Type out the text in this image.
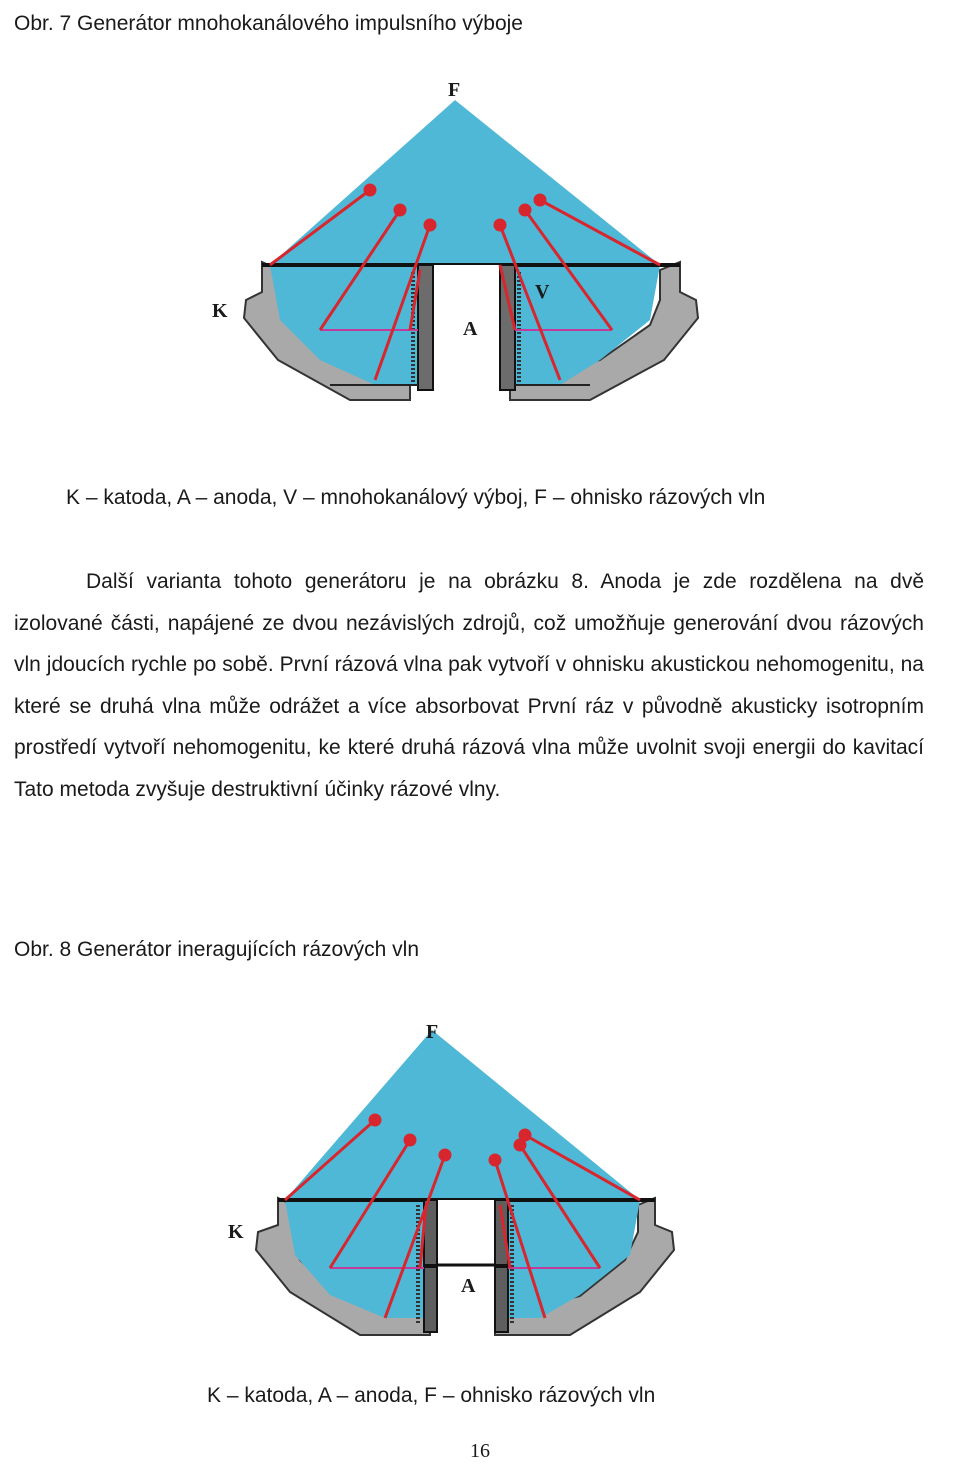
Obr. 7 Generátor mnohokanálového impulsního výboje
F
K
A
V
K – katoda, A – anoda, V – mnohokanálový výboj, F – ohnisko rázových vln

Další varianta tohoto generátoru je na obrázku 8. Anoda je zde rozdělena na dvě izolované části, napájené ze dvou nezávislých zdrojů, což umožňuje generování dvou rázových vln jdoucích rychle po sobě. První rázová vlna pak vytvoří v ohnisku akustickou nehomogenitu, na které se druhá vlna může odrážet a více absorbovat První ráz v původně akusticky isotropním prostředí vytvoří nehomogenitu, ke které druhá rázová vlna může uvolnit svoji energii do kavitací Tato metoda zvyšuje destruktivní účinky rázové vlny.

Obr. 8 Generátor ineragujících rázových vln
F
K
A
K – katoda, A – anoda, F – ohnisko rázových vln
16
